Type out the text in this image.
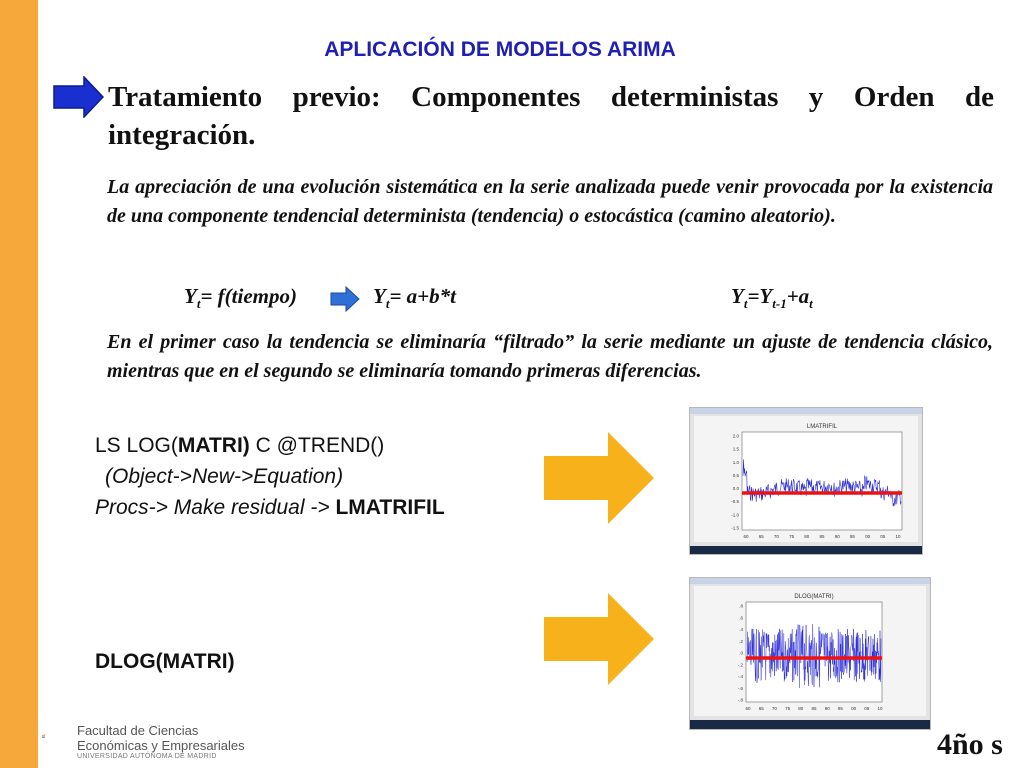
APLICACIÓN DE MODELOS ARIMA
Tratamiento previo: Componentes deterministas y Orden de integración.
La apreciación de una evolución sistemática en la serie analizada puede venir provocada por la existencia de una componente tendencial determinista (tendencia) o estocástica (camino aleatorio).
$Y_t=$ f(tiempo)	$Y_t= a+b*t$	$Y_t=Y_{t-1}+a_t$
En el primer caso la tendencia se eliminaría “filtrado” la serie mediante un ajuste de tendencia clásico, mientras que en el segundo se eliminaría tomando primeras diferencias.
LS LOG(MATRI) C @TREND()
(Object->New->Equation)
Procs-> Make residual -> LMATRIFIL
DLOG(MATRI)
LMATRIFIL
2.0
1.5
1.0
0.5
0.0
-0.5
-1.0
-1.5
60 65 70 75 80 85 90 95 00 05 10
DLOG(MATRI)
.8
.6
.4
.2
.0
-.2
-.4
-.6
-.8
60 65 70 75 80 85 90 95 00 05 10
Facultad de Ciencias
Económicas y Empresariales
UNIVERSIDAD AUTÓNOMA DE MADRID	4ño s
